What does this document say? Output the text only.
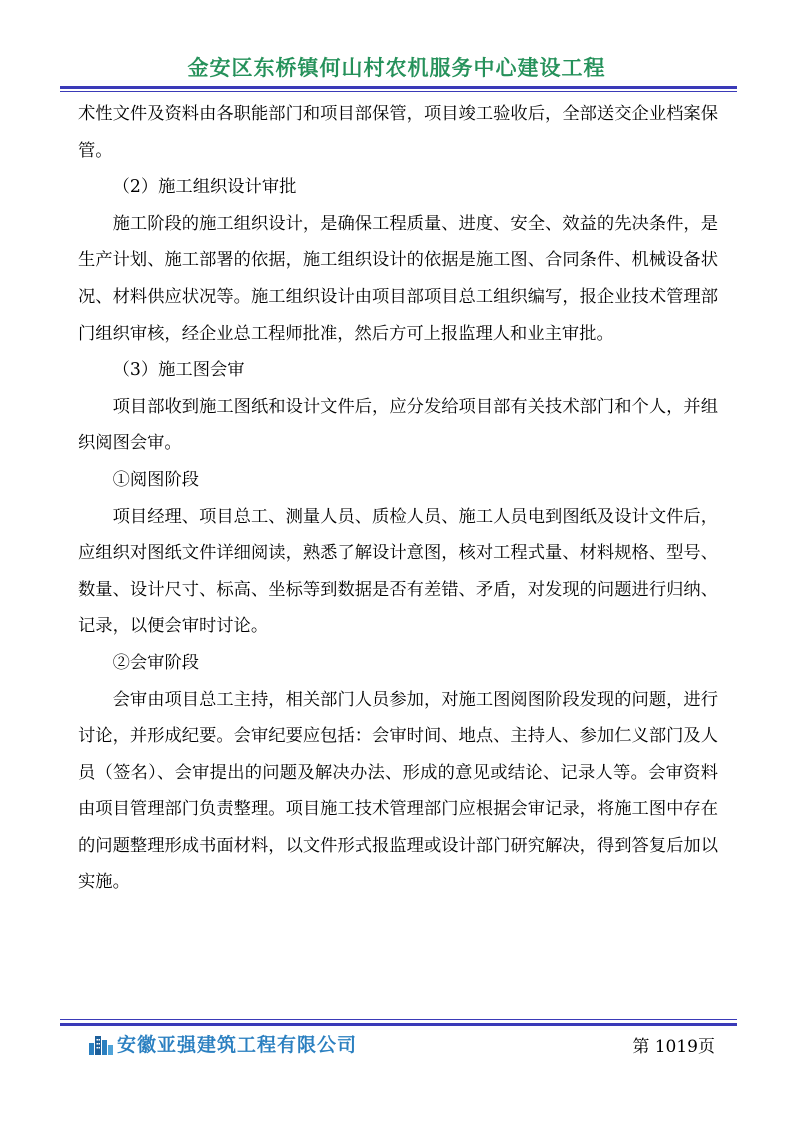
金安区东桥镇何山村农机服务中心建设工程

术性文件及资料由各职能部门和项目部保管，项目竣工验收后，全部送交企业档案保管。

（2）施工组织设计审批

施工阶段的施工组织设计，是确保工程质量、进度、安全、效益的先决条件，是生产计划、施工部署的依据，施工组织设计的依据是施工图、合同条件、机械设备状况、材料供应状况等。施工组织设计由项目部项目总工组织编写，报企业技术管理部门组织审核，经企业总工程师批准，然后方可上报监理人和业主审批。

（3）施工图会审

项目部收到施工图纸和设计文件后，应分发给项目部有关技术部门和个人，并组织阅图会审。

①阅图阶段

项目经理、项目总工、测量人员、质检人员、施工人员电到图纸及设计文件后，应组织对图纸文件详细阅读，熟悉了解设计意图，核对工程式量、材料规格、型号、数量、设计尺寸、标高、坐标等到数据是否有差错、矛盾，对发现的问题进行归纳、记录，以便会审时讨论。

②会审阶段

会审由项目总工主持，相关部门人员参加，对施工图阅图阶段发现的问题，进行讨论，并形成纪要。会审纪要应包括：会审时间、地点、主持人、参加仁义部门及人员（签名）、会审提出的问题及解决办法、形成的意见或结论、记录人等。会审资料由项目管理部门负责整理。项目施工技术管理部门应根据会审记录，将施工图中存在的问题整理形成书面材料，以文件形式报监理或设计部门研究解决，得到答复后加以实施。

安徽亚强建筑工程有限公司	第 1019页
